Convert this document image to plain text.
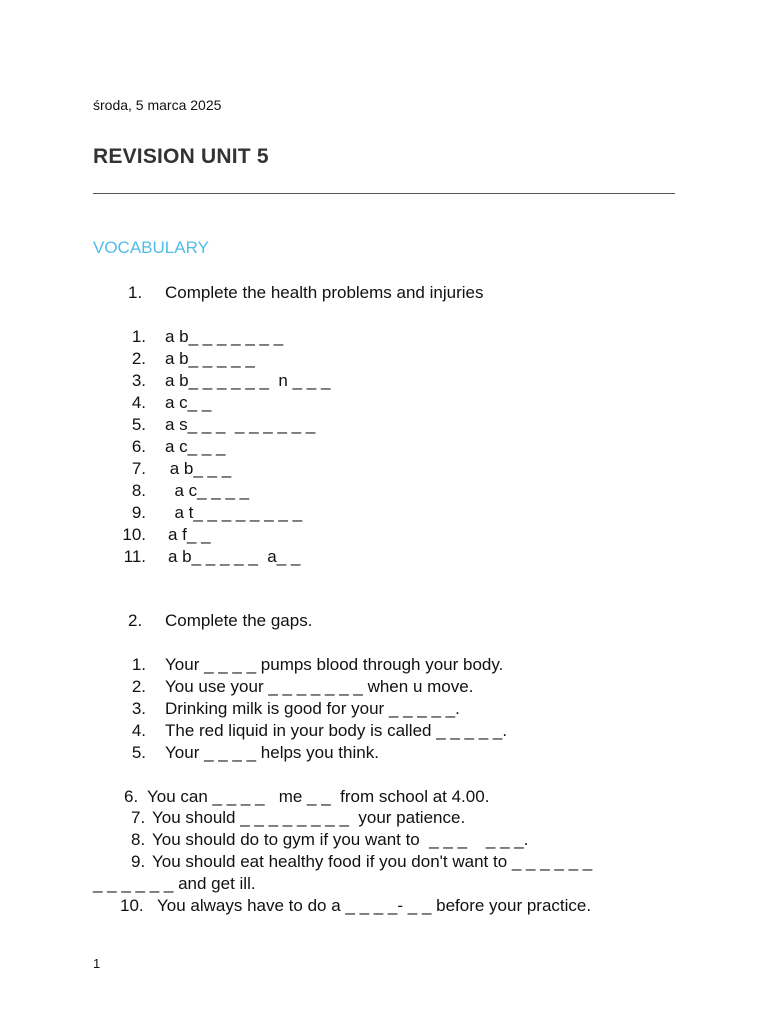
środa, 5 marca 2025
REVISION UNIT 5
VOCABULARY
1. Complete the health problems and injuries
1. a b_ _ _ _ _ _ _
2. a b_ _ _ _ _
3. a b_ _ _ _ _ _  n _ _ _
4. a c_ _
5. a s_ _ _  _ _ _ _ _ _
6. a c_ _ _
7. a b_ _ _
8. a c_ _ _ _
9. a t_ _ _ _ _ _ _ _
10. a f_ _
11. a b_ _ _ _ _  a_ _
2. Complete the gaps.
1. Your _ _ _ _ pumps blood through your body.
2. You use your _ _ _ _ _ _ _ when u move.
3. Drinking milk is good for your _ _ _ _ _.
4. The red liquid in your body is called _ _ _ _ _.
5. Your _ _ _ _ helps you think.
6. You can _ _ _ _   me _ _  from school at 4.00.
7. You should _ _ _ _ _ _ _ _  your patience.
8. You should do to gym if you want to  _ _ _    _ _ _.
9. You should eat healthy food if you don't want to _ _ _ _ _ _
_ _ _ _ _ _ and get ill.
10. You always have to do a _ _ _ _- _ _ before your practice.
1
